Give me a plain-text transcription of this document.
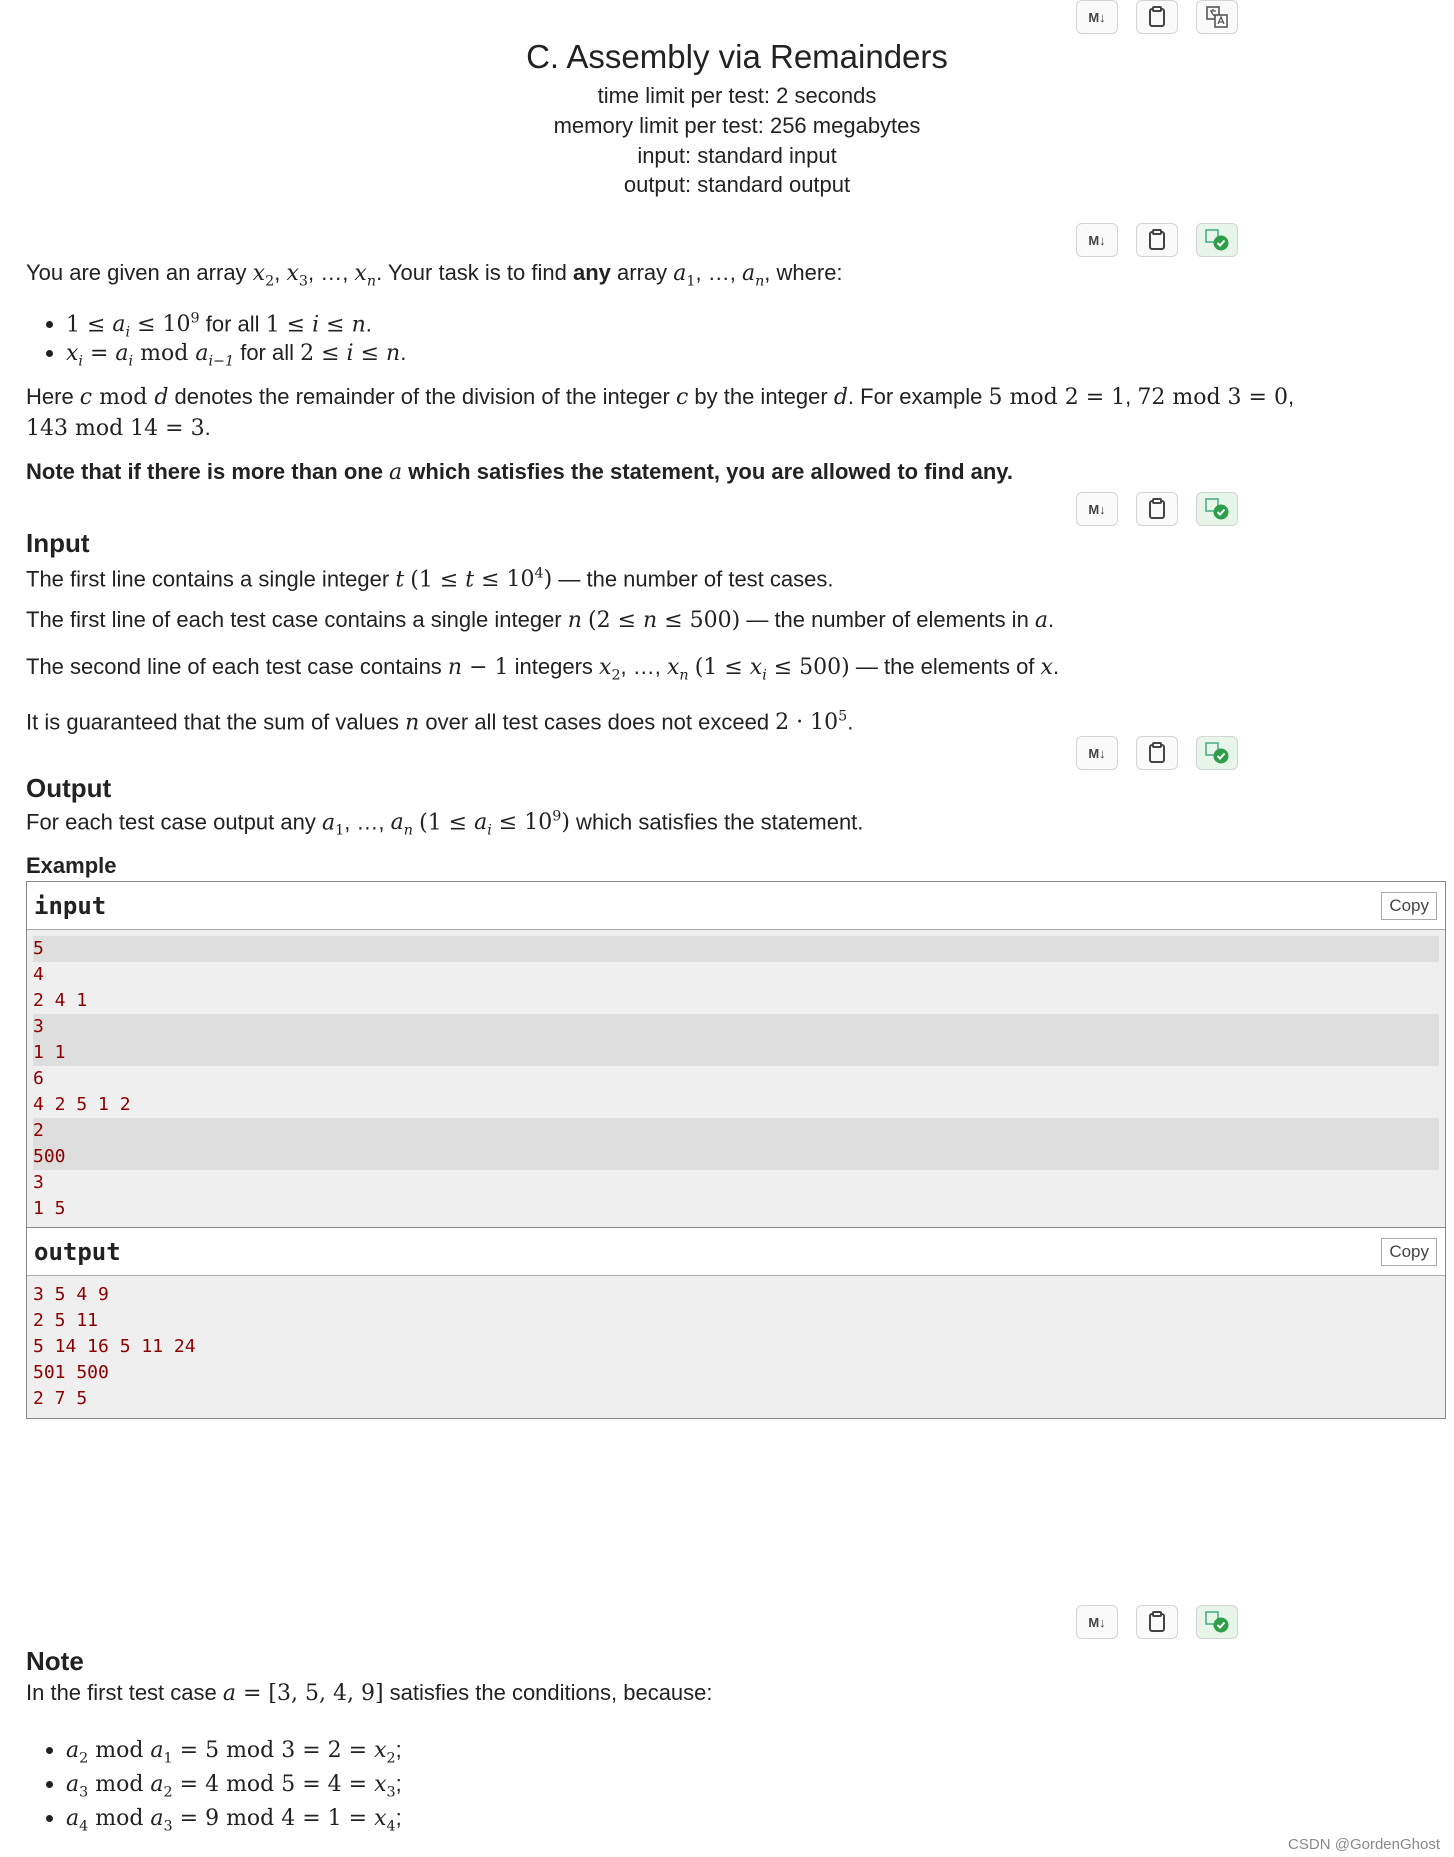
M↓
C. Assembly via Remainders
time limit per test: 2 seconds
memory limit per test: 256 megabytes
input: standard input
output: standard output
M↓
You are given an array $x_2$, $x_3$, …, $x_n$. Your task is to find any array $a_1$, …, $a_n$, where:
• $1 \le a_i \le 10^9$ for all 1 ≤ i ≤ n.
• $x_i = a_i$ mod $a_{i-1}$ for all 2 ≤ i ≤ n.
Here c mod d denotes the remainder of the division of the integer c by the integer d. For example 5 mod 2 = 1, 72 mod 3 = 0,
143 mod 14 = 3.
Note that if there is more than one a which satisfies the statement, you are allowed to find any.
M↓
Input
The first line contains a single integer t $(1 \le t \le 10^4)$ — the number of test cases.
The first line of each test case contains a single integer n (2 ≤ n ≤ 500) — the number of elements in a.
The second line of each test case contains n − 1 integers $x_2$, …, $x_n$ $(1 \le x_i \le 500)$ — the elements of x.
It is guaranteed that the sum of values n over all test cases does not exceed $2 \cdot 10^5$.
M↓
Output
For each test case output any $a_1$, …, $a_n$ $(1 \le a_i \le 10^9)$ which satisfies the statement.
Example
input	Copy
5
4
2 4 1
3
1 1
6
4 2 5 1 2
2
500
3
1 5
output	Copy
3 5 4 9
2 5 11
5 14 16 5 11 24
501 500
2 7 5
M↓
Note
In the first test case a = [3, 5, 4, 9] satisfies the conditions, because:
• $a_2$ mod $a_1 = 5$ mod $3 = 2 = x_2$;
• $a_3$ mod $a_2 = 4$ mod $5 = 4 = x_3$;
• $a_4$ mod $a_3 = 9$ mod $4 = 1 = x_4$;
CSDN @GordenGhost
